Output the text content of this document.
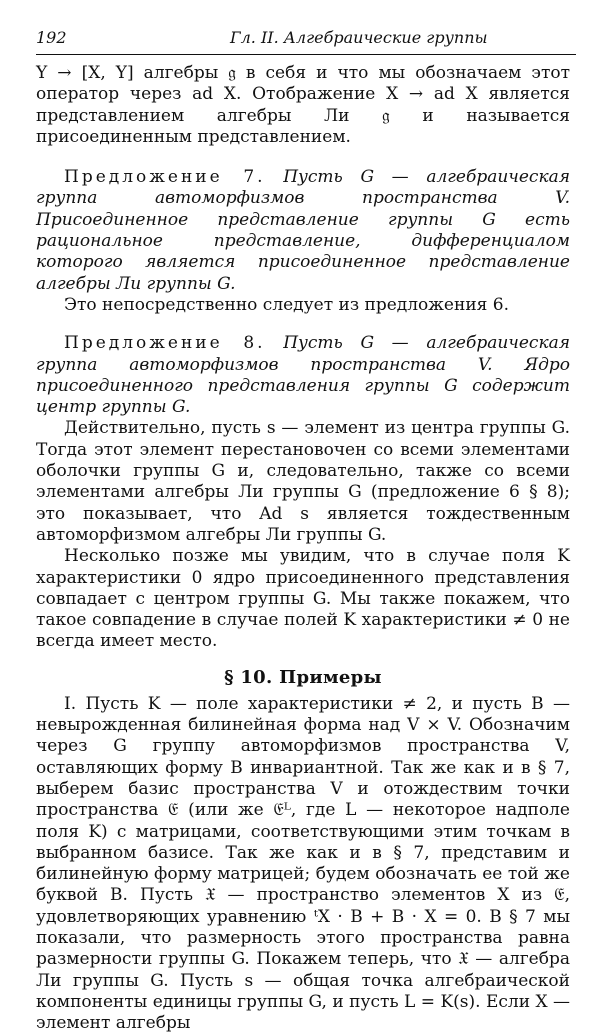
192	Гл. II. Алгебраические группы

Y → [X, Y] алгебры 𝔤 в себя и что мы обозначаем этот оператор через ad X. Отображение X → ad X является представлением алгебры Ли 𝔤 и называется присоединенным представлением.

Предложение 7. Пусть G — алгебраическая группа автоморфизмов пространства V. Присоединенное представление группы G есть рациональное представление, дифференциалом которого является присоединенное представление алгебры Ли группы G.

Это непосредственно следует из предложения 6.

Предложение 8. Пусть G — алгебраическая группа автоморфизмов пространства V. Ядро присоединенного представления группы G содержит центр группы G.

Действительно, пусть s — элемент из центра группы G. Тогда этот элемент перестановочен со всеми элементами оболочки группы G и, следовательно, также со всеми элементами алгебры Ли группы G (предложение 6 § 8); это показывает, что Ad s является тождественным автоморфизмом алгебры Ли группы G.

Несколько позже мы увидим, что в случае поля K характеристики 0 ядро присоединенного представления совпадает с центром группы G. Мы также покажем, что такое совпадение в случае полей K характеристики ≠ 0 не всегда имеет место.

§ 10. Примеры

I. Пусть K — поле характеристики ≠ 2, и пусть B — невырожденная билинейная форма над V × V. Обозначим через G группу автоморфизмов пространства V, оставляющих форму B инвариантной. Так же как и в § 7, выберем базис пространства V и отождествим точки пространства 𝔈 (или же 𝔈ᴸ, где L — некоторое надполе поля K) с матрицами, соответствующими этим точкам в выбранном базисе. Так же как и в § 7, представим и билинейную форму матрицей; будем обозначать ее той же буквой B. Пусть 𝔛 — пространство элементов X из 𝔈, удовлетворяющих уравнению ᵗX · B + B · X = 0. В § 7 мы показали, что размерность этого пространства равна размерности группы G. Покажем теперь, что 𝔛 — алгебра Ли группы G. Пусть s — общая точка алгебраической компоненты единицы группы G, и пусть L = K(s). Если X — элемент алгебры
